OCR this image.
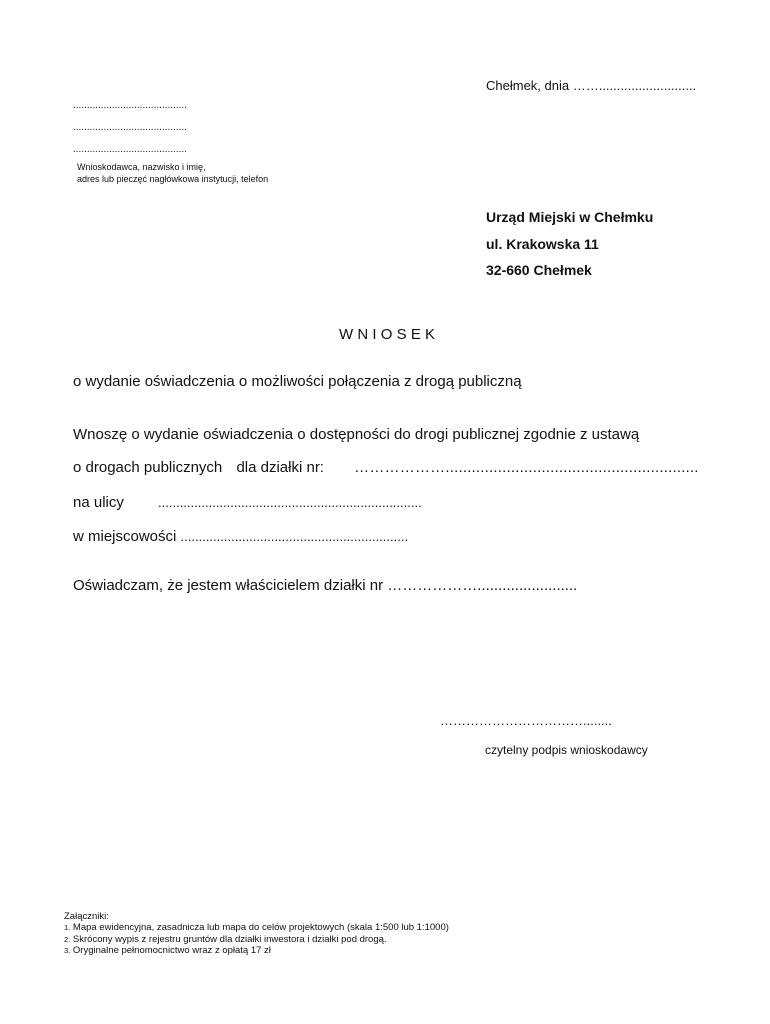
Chełmek, dnia ……...........................
.........................................
.........................................
.........................................
Wnioskodawca, nazwisko i imię,
adres lub pieczęć nagłówkowa instytucji, telefon
Urząd Miejski w Chełmku
ul. Krakowska 11
32-660 Chełmek
WNIOSEK
o wydanie oświadczenia o możliwości połączenia z drogą publiczną
Wnoszę o wydanie oświadczenia o dostępności do drogi publicznej zgodnie z ustawą
o drogach publicznych dla działki nr: ………………..........................................................
na ulicy	.........................................................................
w miejscowości ...............................................................
Oświadczam, że jestem właścicielem działki nr ………………........................
……………………………........
czytelny podpis wnioskodawcy
Załączniki:
1. Mapa ewidencyjna, zasadnicza lub mapa do celów projektowych (skala 1:500 lub 1:1000)
2. Skrócony wypis z rejestru gruntów dla działki inwestora i działki pod drogą.
3. Oryginalne pełnomocnictwo wraz z opłatą 17 zł
